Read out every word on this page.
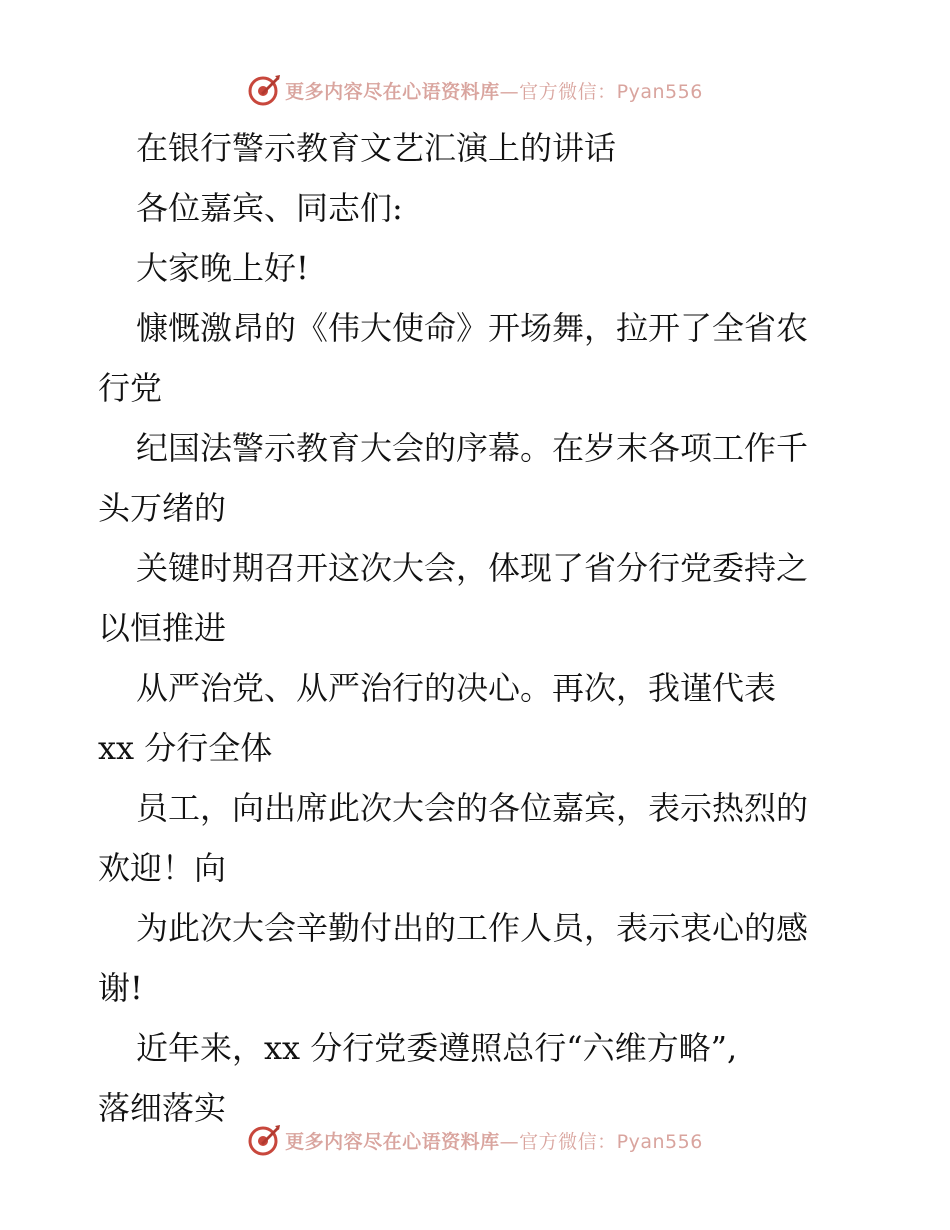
更多内容尽在心语资料库—官方微信：Pyan556
在银行警示教育文艺汇演上的讲话
各位嘉宾、同志们:
大家晚上好!
慷慨激昂的《伟大使命》开场舞，拉开了全省农
行党
纪国法警示教育大会的序幕。在岁末各项工作千
头万绪的
关键时期召开这次大会，体现了省分行党委持之
以恒推进
从严治党、从严治行的决心。再次，我谨代表
xx 分行全体
员工，向出席此次大会的各位嘉宾，表示热烈的
欢迎！向
为此次大会辛勤付出的工作人员，表示衷心的感
谢!
近年来，xx 分行党委遵照总行“六维方略”,
落细落实
更多内容尽在心语资料库—官方微信：Pyan556
